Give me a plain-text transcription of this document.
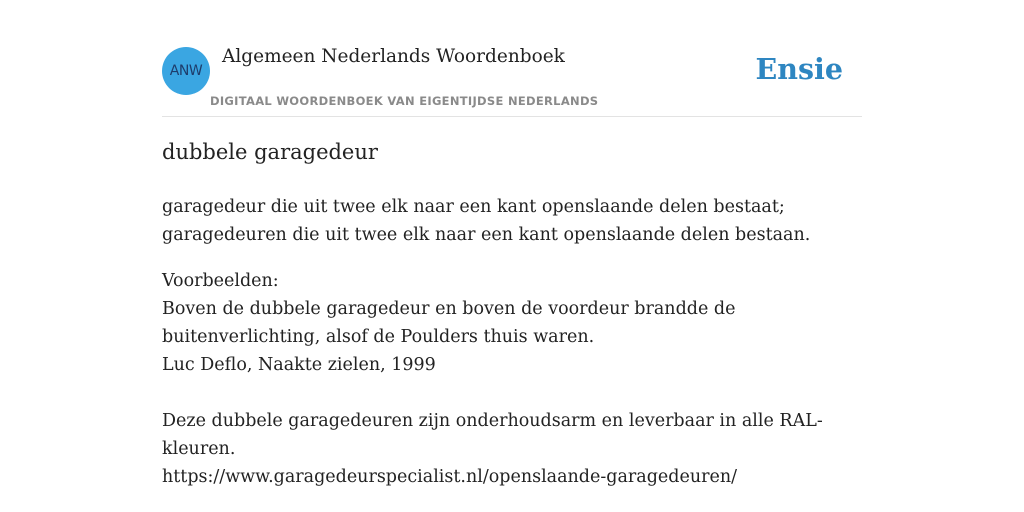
ANW
Algemeen Nederlands Woordenboek
DIGITAAL WOORDENBOEK VAN EIGENTIJDSE NEDERLANDS
Ensie
dubbele garagedeur
garagedeur die uit twee elk naar een kant openslaande delen bestaat;
garagedeuren die uit twee elk naar een kant openslaande delen bestaan.
Voorbeelden:
Boven de dubbele garagedeur en boven de voordeur brandde de
buitenverlichting, alsof de Poulders thuis waren.
Luc Deflo, Naakte zielen, 1999
Deze dubbele garagedeuren zijn onderhoudsarm en leverbaar in alle RAL-
kleuren.
https://www.garagedeurspecialist.nl/openslaande-garagedeuren/
